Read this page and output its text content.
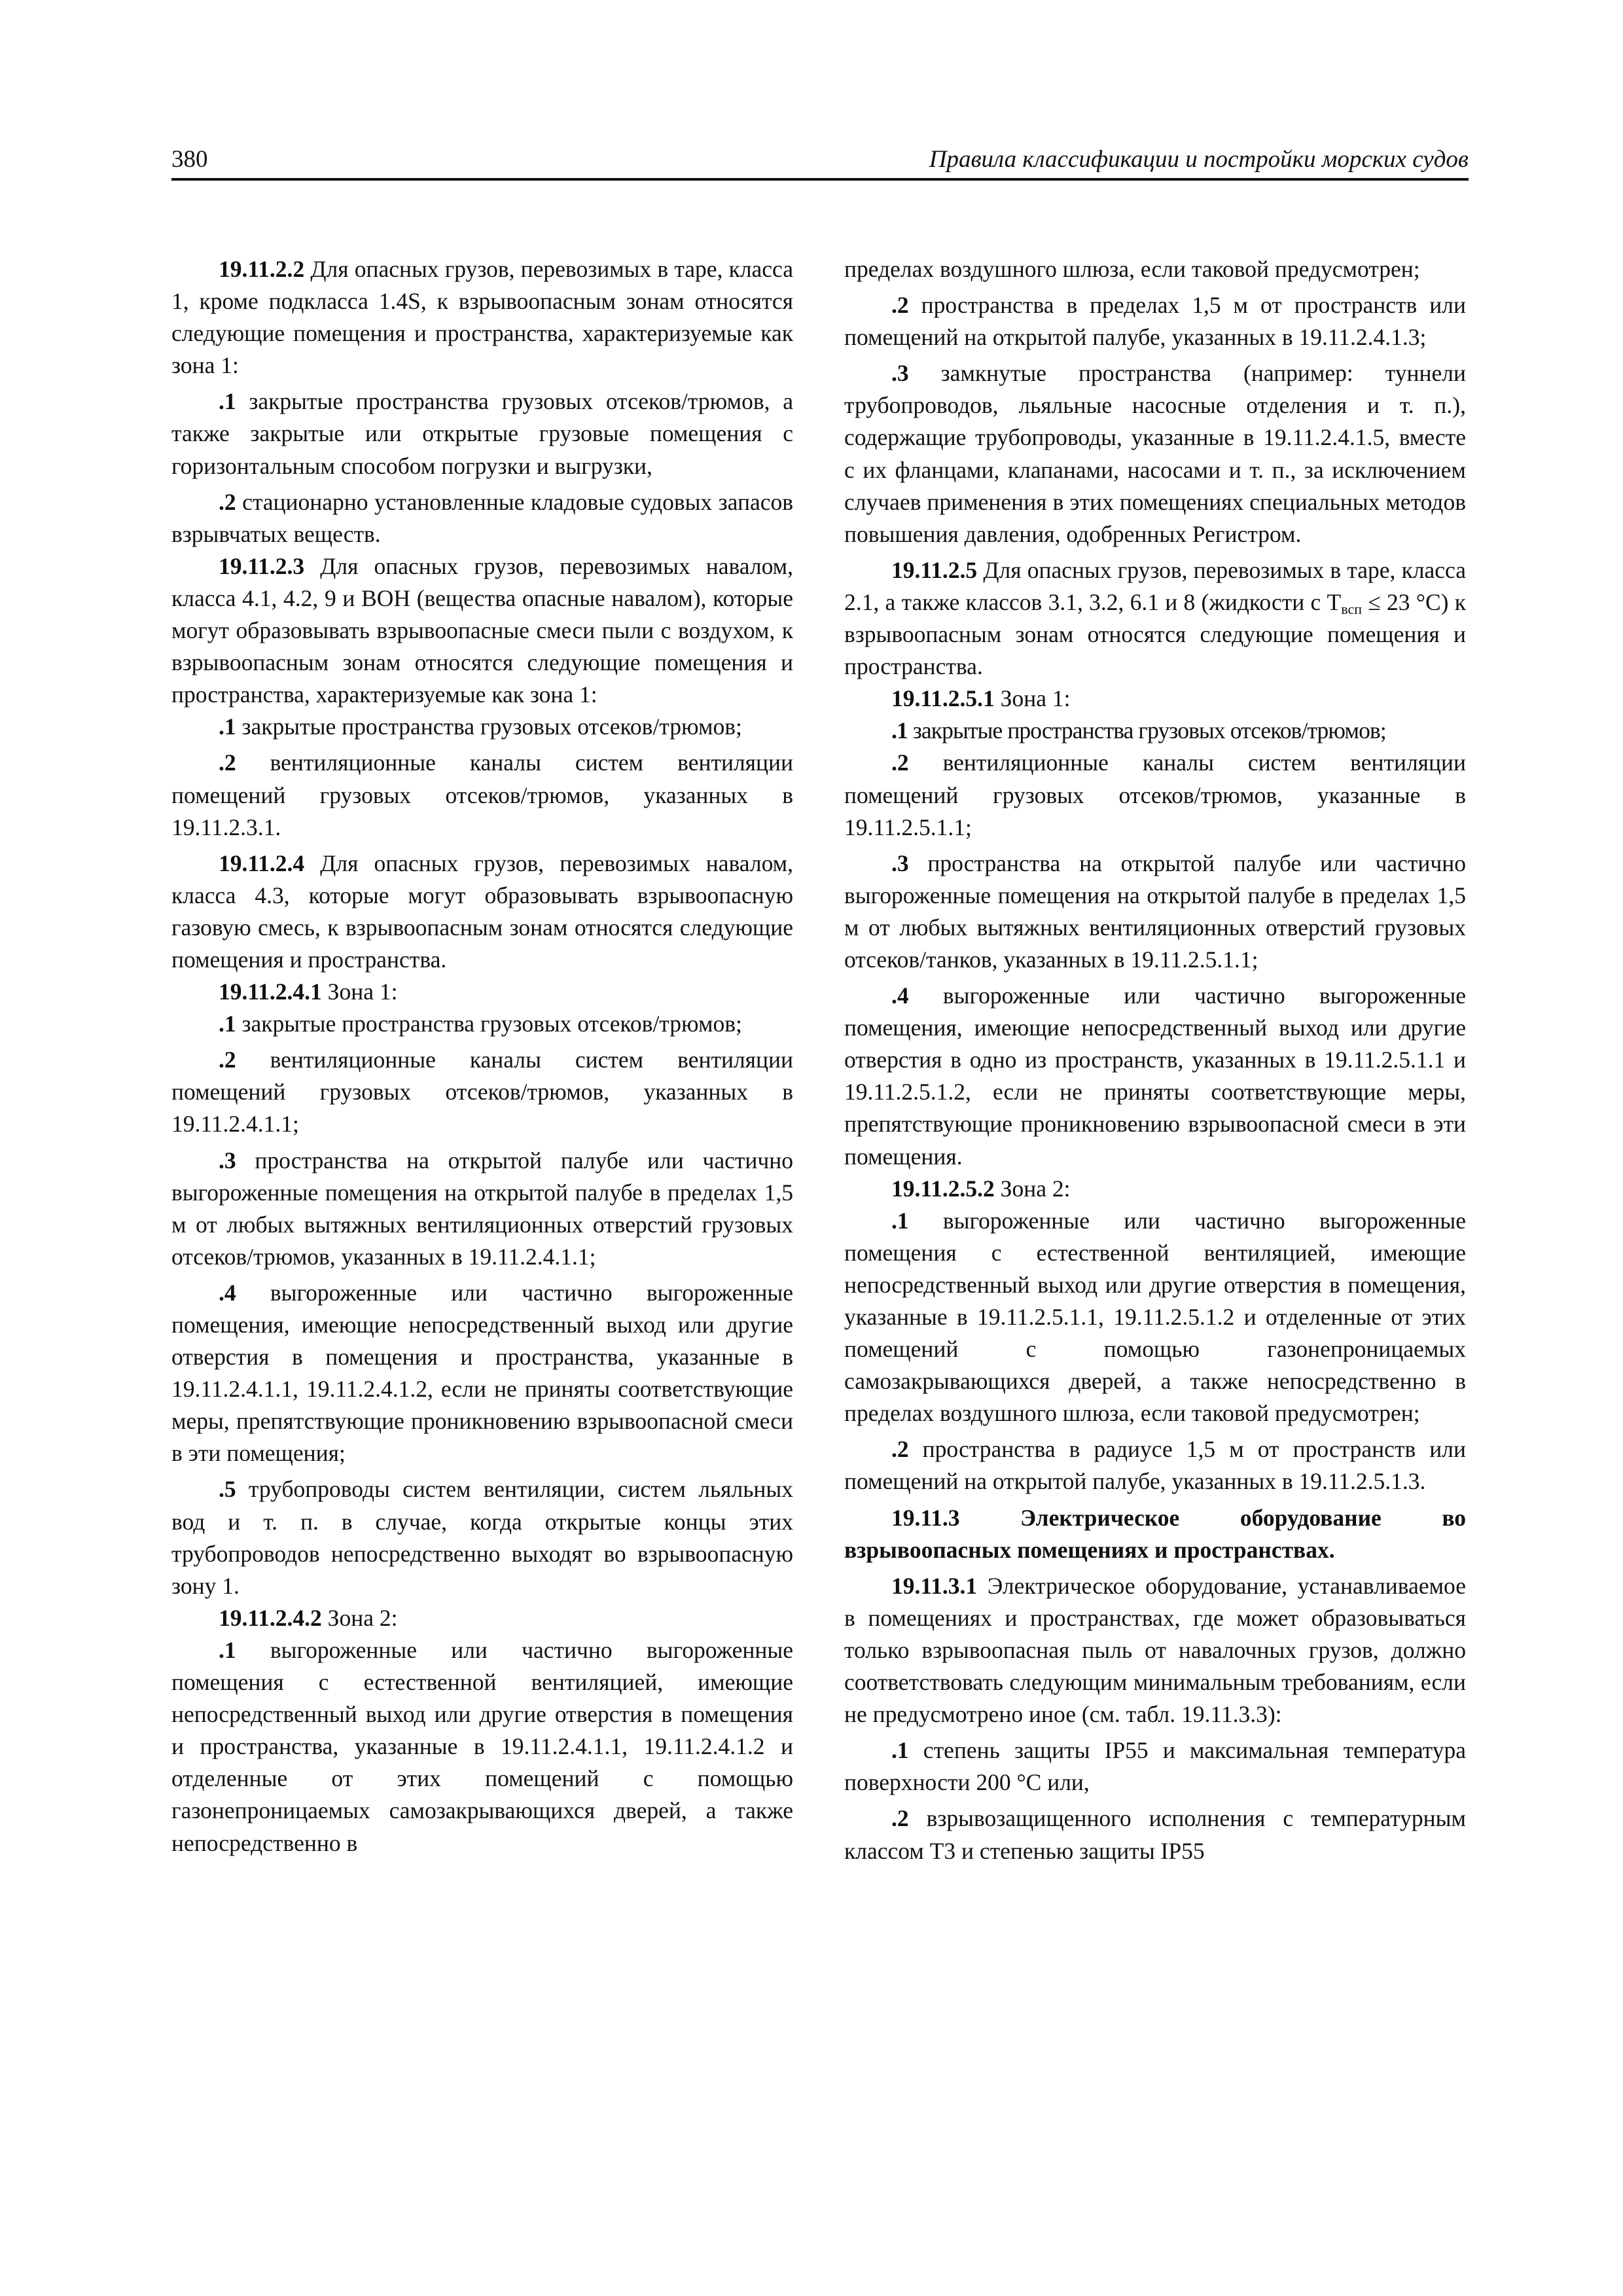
380	Правила классификации и постройки морских судов

19.11.2.2 Для опасных грузов, перевозимых в таре, класса 1, кроме подкласса 1.4S, к взрывоопасным зонам относятся следующие помещения и пространства, характеризуемые как зона 1:

.1 закрытые пространства грузовых отсеков/трюмов, а также закрытые или открытые грузовые помещения с горизонтальным способом погрузки и выгрузки,

.2 стационарно установленные кладовые судовых запасов взрывчатых веществ.

19.11.2.3 Для опасных грузов, перевозимых навалом, класса 4.1, 4.2, 9 и ВОН (вещества опасные навалом), которые могут образовывать взрывоопасные смеси пыли с воздухом, к взрывоопасным зонам относятся следующие помещения и пространства, характеризуемые как зона 1:

.1 закрытые пространства грузовых отсеков/трюмов;

.2 вентиляционные каналы систем вентиляции помещений грузовых отсеков/трюмов, указанных в 19.11.2.3.1.

19.11.2.4 Для опасных грузов, перевозимых навалом, класса 4.3, которые могут образовывать взрывоопасную газовую смесь, к взрывоопасным зонам относятся следующие помещения и пространства.

19.11.2.4.1 Зона 1:

.1 закрытые пространства грузовых отсеков/трюмов;

.2 вентиляционные каналы систем вентиляции помещений грузовых отсеков/трюмов, указанных в 19.11.2.4.1.1;

.3 пространства на открытой палубе или частично выгороженные помещения на открытой палубе в пределах 1,5 м от любых вытяжных вентиляционных отверстий грузовых отсеков/трюмов, указанных в 19.11.2.4.1.1;

.4 выгороженные или частично выгороженные помещения, имеющие непосредственный выход или другие отверстия в помещения и пространства, указанные в 19.11.2.4.1.1, 19.11.2.4.1.2, если не приняты соответствующие меры, препятствующие проникновению взрывоопасной смеси в эти помещения;

.5 трубопроводы систем вентиляции, систем льяльных вод и т. п. в случае, когда открытые концы этих трубопроводов непосредственно выходят во взрывоопасную зону 1.

19.11.2.4.2 Зона 2:

.1 выгороженные или частично выгороженные помещения с естественной вентиляцией, имеющие непосредственный выход или другие отверстия в помещения и пространства, указанные в 19.11.2.4.1.1, 19.11.2.4.1.2 и отделенные от этих помещений с помощью газонепроницаемых самозакрывающихся дверей, а также непосредственно в

пределах воздушного шлюза, если таковой предусмотрен;

.2 пространства в пределах 1,5 м от пространств или помещений на открытой палубе, указанных в 19.11.2.4.1.3;

.3 замкнутые пространства (например: туннели трубопроводов, льяльные насосные отделения и т. п.), содержащие трубопроводы, указанные в 19.11.2.4.1.5, вместе с их фланцами, клапанами, насосами и т. п., за исключением случаев применения в этих помещениях специальных методов повышения давления, одобренных Регистром.

19.11.2.5 Для опасных грузов, перевозимых в таре, класса 2.1, а также классов 3.1, 3.2, 6.1 и 8 (жидкости с $T_{всп} \le 23$ °C) к взрывоопасным зонам относятся следующие помещения и пространства.

19.11.2.5.1 Зона 1:

.1 закрытые пространства грузовых отсеков/трюмов;

.2 вентиляционные каналы систем вентиляции помещений грузовых отсеков/трюмов, указанные в 19.11.2.5.1.1;

.3 пространства на открытой палубе или частично выгороженные помещения на открытой палубе в пределах 1,5 м от любых вытяжных вентиляционных отверстий грузовых отсеков/танков, указанных в 19.11.2.5.1.1;

.4 выгороженные или частично выгороженные помещения, имеющие непосредственный выход или другие отверстия в одно из пространств, указанных в 19.11.2.5.1.1 и 19.11.2.5.1.2, если не приняты соответствующие меры, препятствующие проникновению взрывоопасной смеси в эти помещения.

19.11.2.5.2 Зона 2:

.1 выгороженные или частично выгороженные помещения с естественной вентиляцией, имеющие непосредственный выход или другие отверстия в помещения, указанные в 19.11.2.5.1.1, 19.11.2.5.1.2 и отделенные от этих помещений с помощью газонепроницаемых самозакрывающихся дверей, а также непосредственно в пределах воздушного шлюза, если таковой предусмотрен;

.2 пространства в радиусе 1,5 м от пространств или помещений на открытой палубе, указанных в 19.11.2.5.1.3.

19.11.3 Электрическое оборудование во взрывоопасных помещениях и пространствах.

19.11.3.1 Электрическое оборудование, устанавливаемое в помещениях и пространствах, где может образовываться только взрывоопасная пыль от навалочных грузов, должно соответствовать следующим минимальным требованиям, если не предусмотрено иное (см. табл. 19.11.3.3):

.1 степень защиты IP55 и максимальная температура поверхности 200 °C или,

.2 взрывозащищенного исполнения с температурным классом T3 и степенью защиты IP55
